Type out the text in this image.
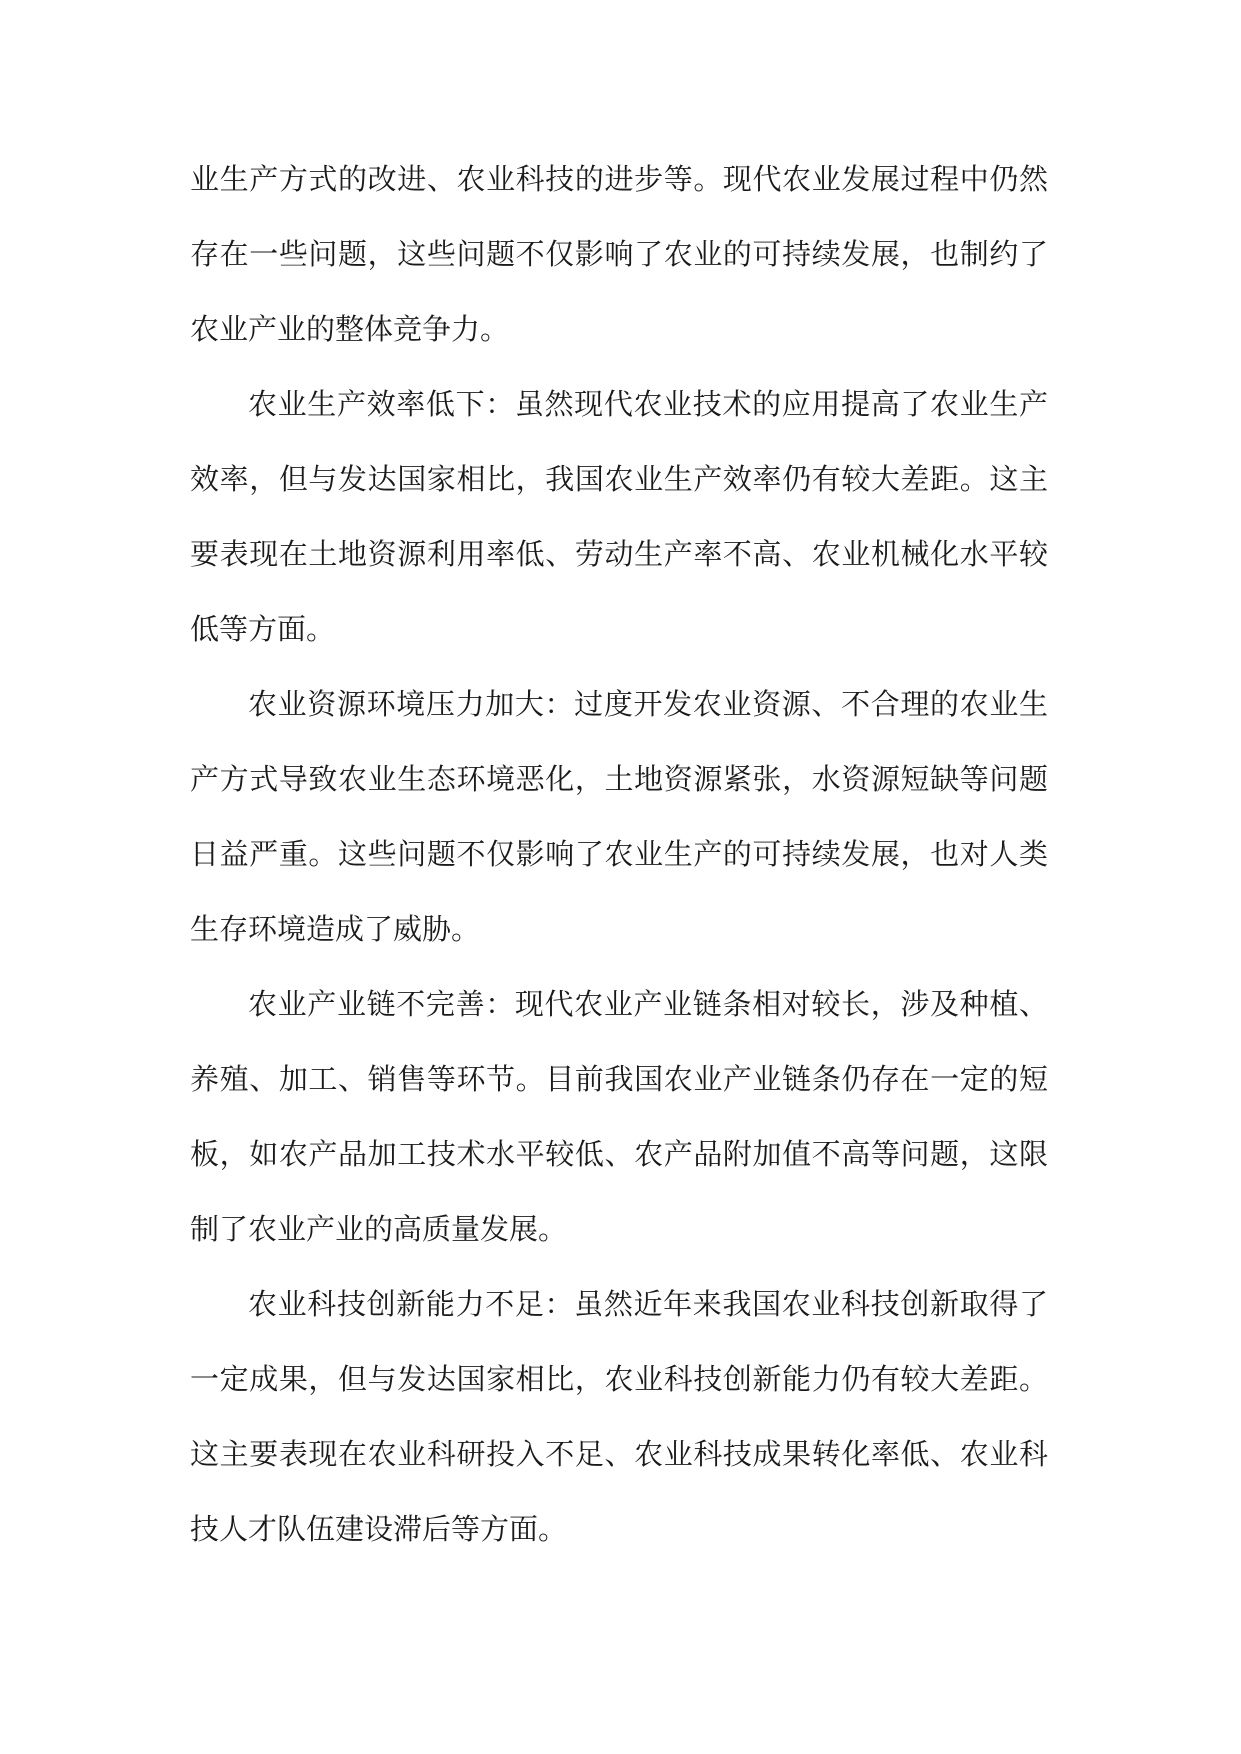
业生产方式的改进、农业科技的进步等。现代农业发展过程中仍然存在一些问题，这些问题不仅影响了农业的可持续发展，也制约了农业产业的整体竞争力。

农业生产效率低下：虽然现代农业技术的应用提高了农业生产效率，但与发达国家相比，我国农业生产效率仍有较大差距。这主要表现在土地资源利用率低、劳动生产率不高、农业机械化水平较低等方面。

农业资源环境压力加大：过度开发农业资源、不合理的农业生产方式导致农业生态环境恶化，土地资源紧张，水资源短缺等问题日益严重。这些问题不仅影响了农业生产的可持续发展，也对人类生存环境造成了威胁。

农业产业链不完善：现代农业产业链条相对较长，涉及种植、养殖、加工、销售等环节。目前我国农业产业链条仍存在一定的短板，如农产品加工技术水平较低、农产品附加值不高等问题，这限制了农业产业的高质量发展。

农业科技创新能力不足：虽然近年来我国农业科技创新取得了一定成果，但与发达国家相比，农业科技创新能力仍有较大差距。这主要表现在农业科研投入不足、农业科技成果转化率低、农业科技人才队伍建设滞后等方面。
